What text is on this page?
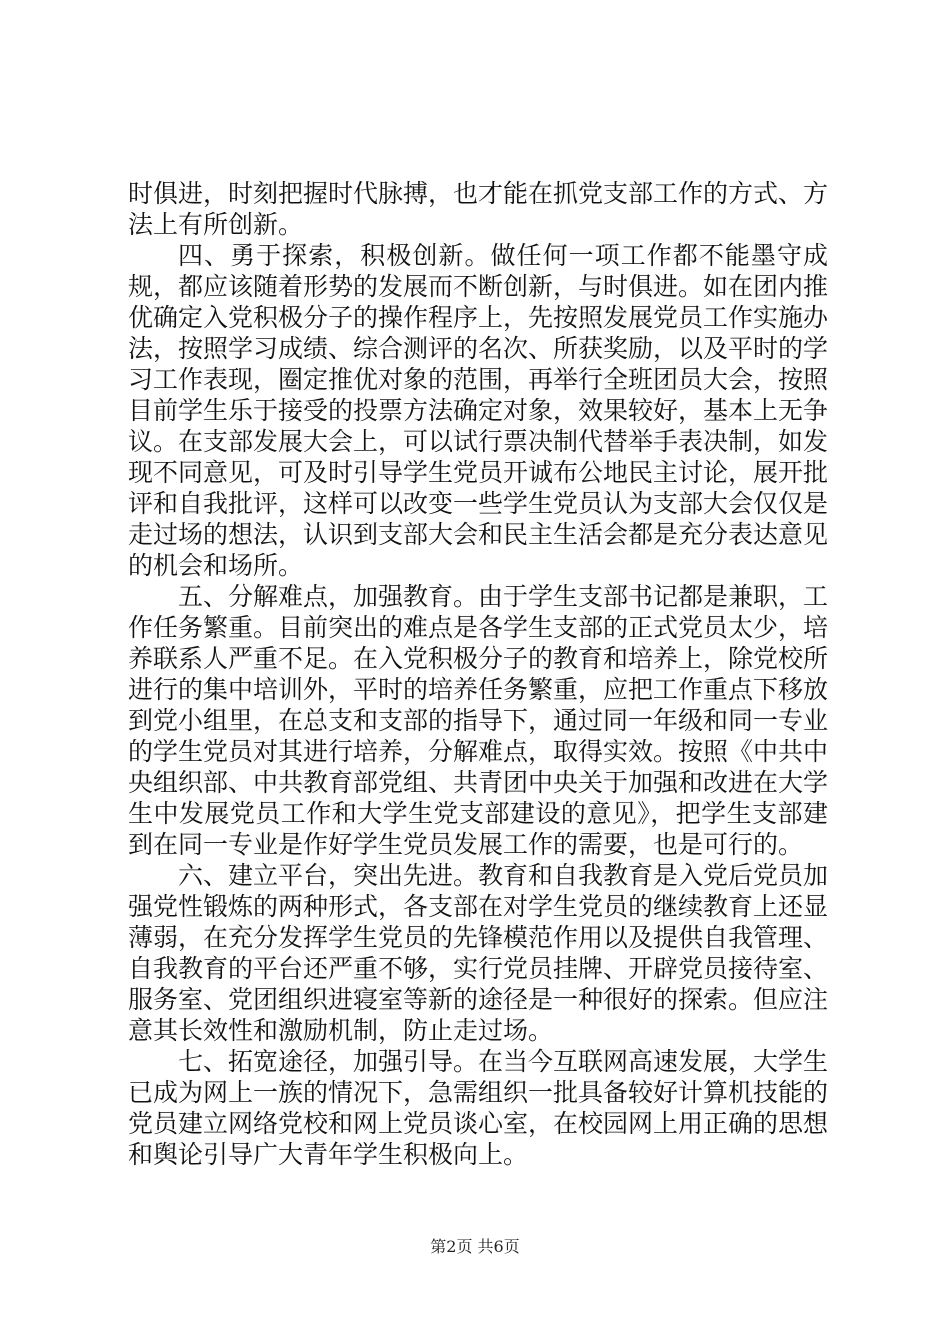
时俱进，时刻把握时代脉搏，也才能在抓党支部工作的方式、方法上有所创新。

四、勇于探索，积极创新。做任何一项工作都不能墨守成规，都应该随着形势的发展而不断创新，与时俱进。如在团内推优确定入党积极分子的操作程序上，先按照发展党员工作实施办法，按照学习成绩、综合测评的名次、所获奖励，以及平时的学习工作表现，圈定推优对象的范围，再举行全班团员大会，按照目前学生乐于接受的投票方法确定对象，效果较好，基本上无争议。在支部发展大会上，可以试行票决制代替举手表决制，如发现不同意见，可及时引导学生党员开诚布公地民主讨论，展开批评和自我批评，这样可以改变一些学生党员认为支部大会仅仅是走过场的想法，认识到支部大会和民主生活会都是充分表达意见的机会和场所。

五、分解难点，加强教育。由于学生支部书记都是兼职，工作任务繁重。目前突出的难点是各学生支部的正式党员太少，培养联系人严重不足。在入党积极分子的教育和培养上，除党校所进行的集中培训外，平时的培养任务繁重，应把工作重点下移放到党小组里，在总支和支部的指导下，通过同一年级和同一专业的学生党员对其进行培养，分解难点，取得实效。按照《中共中央组织部、中共教育部党组、共青团中央关于加强和改进在大学生中发展党员工作和大学生党支部建设的意见》，把学生支部建到在同一专业是作好学生党员发展工作的需要，也是可行的。

六、建立平台，突出先进。教育和自我教育是入党后党员加强党性锻炼的两种形式，各支部在对学生党员的继续教育上还显薄弱，在充分发挥学生党员的先锋模范作用以及提供自我管理、自我教育的平台还严重不够，实行党员挂牌、开辟党员接待室、服务室、党团组织进寝室等新的途径是一种很好的探索。但应注意其长效性和激励机制，防止走过场。

七、拓宽途径，加强引导。在当今互联网高速发展，大学生已成为网上一族的情况下，急需组织一批具备较好计算机技能的党员建立网络党校和网上党员谈心室，在校园网上用正确的思想和舆论引导广大青年学生积极向上。

第2页 共6页
